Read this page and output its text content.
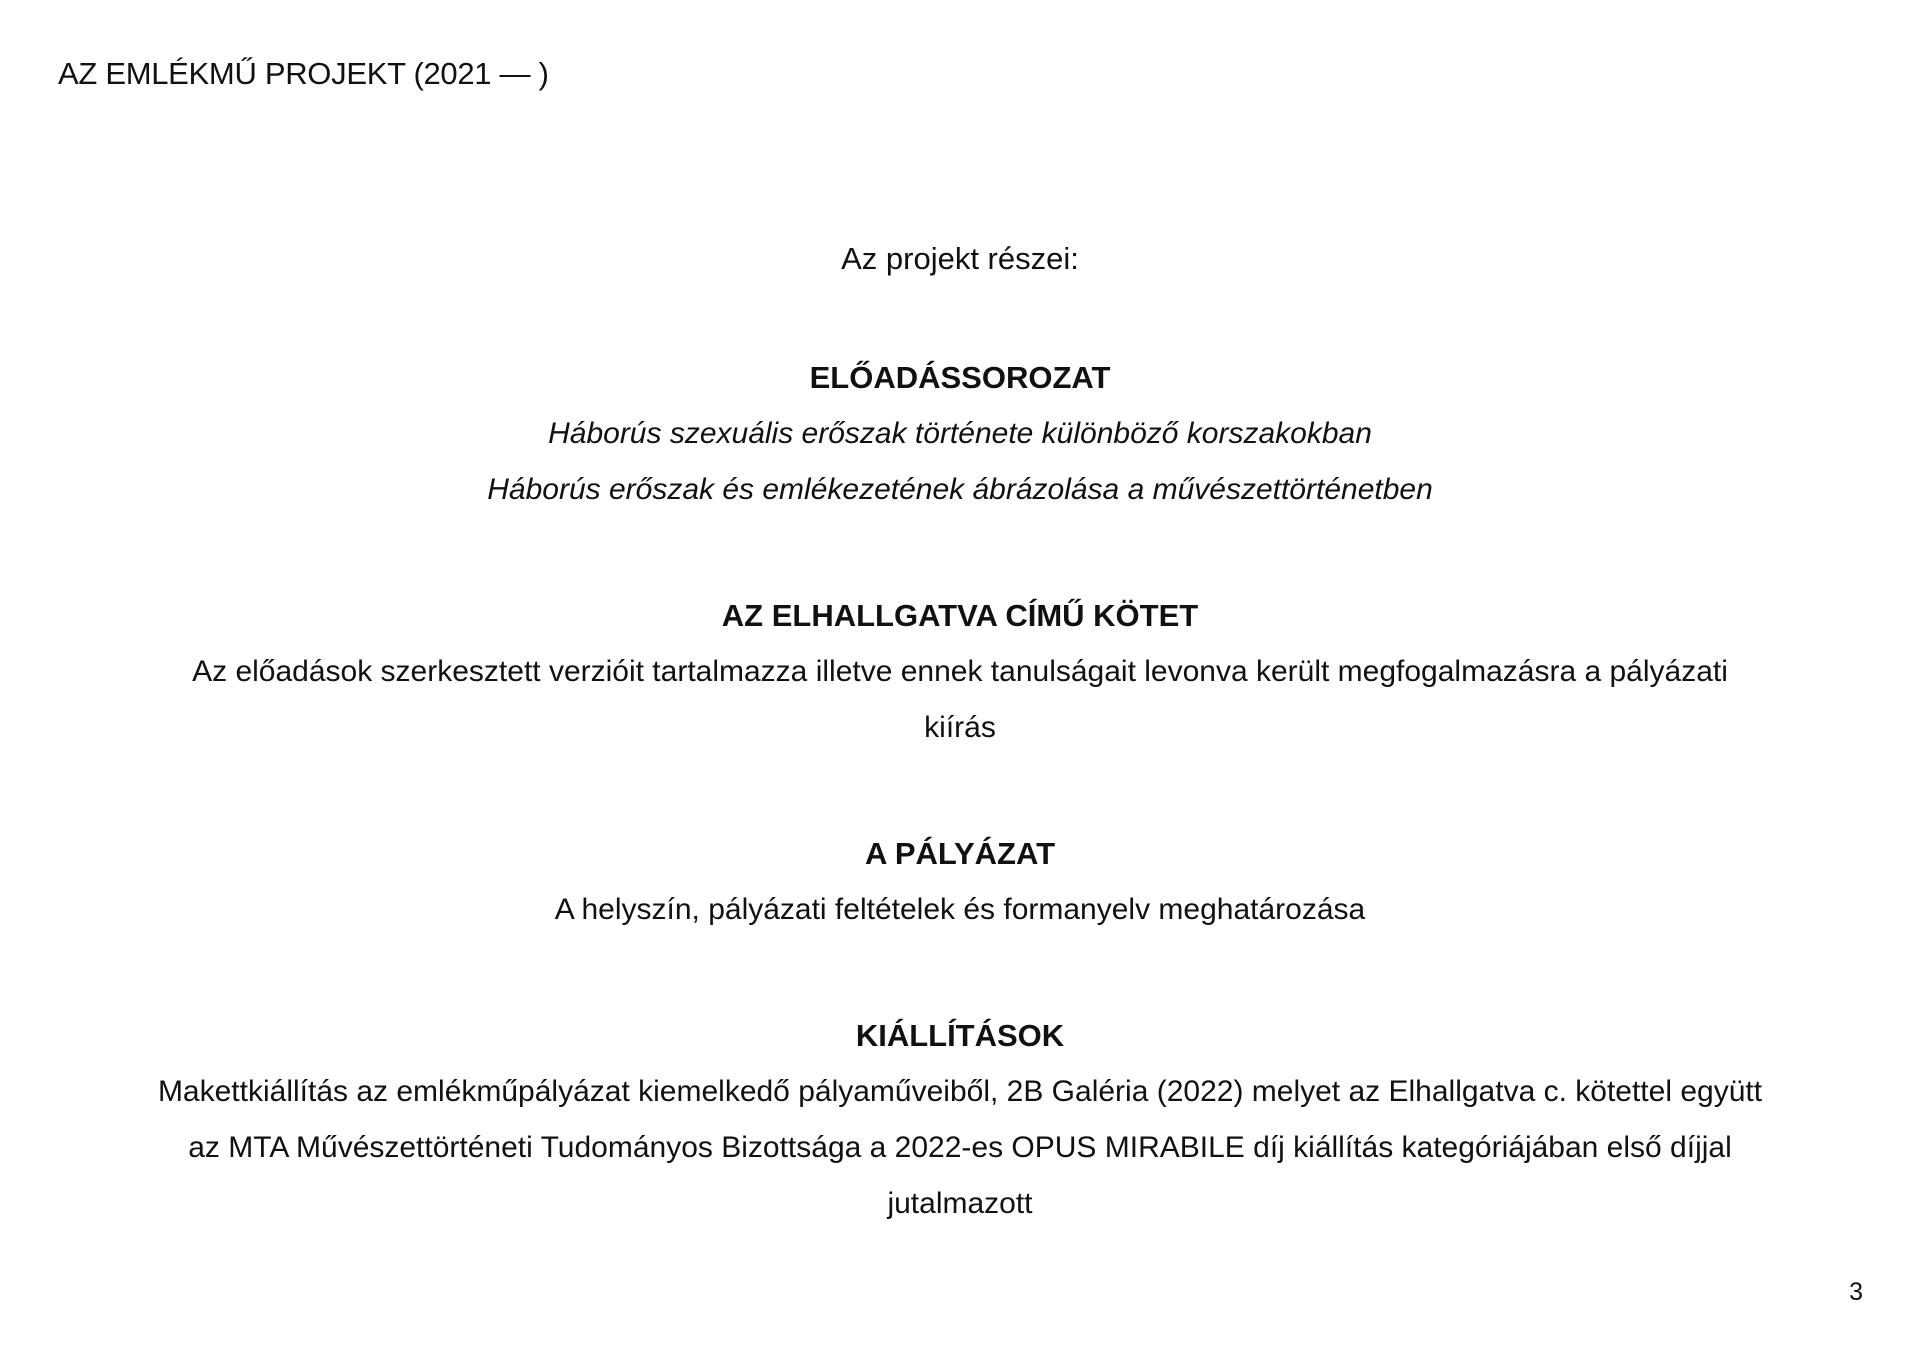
AZ EMLÉKMŰ PROJEKT (2021 — )

Az projekt részei:

ELŐADÁSSOROZAT

Háborús szexuális erőszak története különböző korszakokban

Háborús erőszak és emlékezetének ábrázolása a művészettörténetben

AZ ELHALLGATVA CÍMŰ KÖTET

Az előadások szerkesztett verzióit tartalmazza illetve ennek tanulságait levonva került megfogalmazásra a pályázati kiírás

A PÁLYÁZAT

A helyszín, pályázati feltételek és formanyelv meghatározása

KIÁLLÍTÁSOK

Makettkiállítás az emlékműpályázat kiemelkedő pályaműveiből, 2B Galéria (2022) melyet az Elhallgatva c. kötettel együtt az MTA Művészettörténeti Tudományos Bizottsága a 2022-es OPUS MIRABILE díj kiállítás kategóriájában első díjjal jutalmazott

3
